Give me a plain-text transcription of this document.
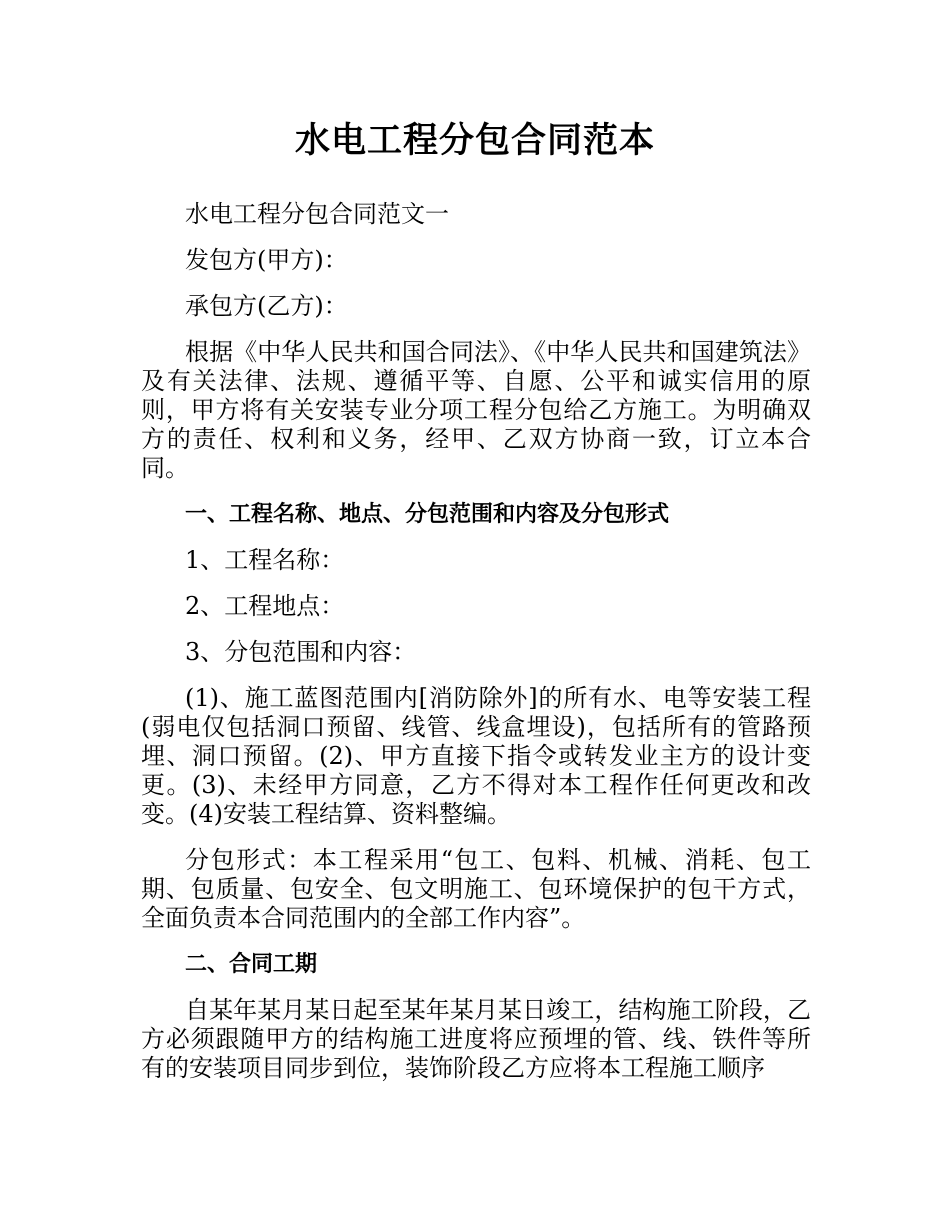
水电工程分包合同范本

水电工程分包合同范文一

发包方(甲方)：

承包方(乙方)：

根据《中华人民共和国合同法》、《中华人民共和国建筑法》及有关法律、法规、遵循平等、自愿、公平和诚实信用的原则，甲方将有关安装专业分项工程分包给乙方施工。为明确双方的责任、权利和义务，经甲、乙双方协商一致，订立本合同。

一、工程名称、地点、分包范围和内容及分包形式

1、工程名称：

2、工程地点：

3、分包范围和内容：

(1)、施工蓝图范围内[消防除外]的所有水、电等安装工程(弱电仅包括洞口预留、线管、线盒埋设)，包括所有的管路预埋、洞口预留。(2)、甲方直接下指令或转发业主方的设计变更。(3)、未经甲方同意，乙方不得对本工程作任何更改和改变。(4)安装工程结算、资料整编。

分包形式：本工程采用“包工、包料、机械、消耗、包工期、包质量、包安全、包文明施工、包环境保护的包干方式，全面负责本合同范围内的全部工作内容”。

二、合同工期

自某年某月某日起至某年某月某日竣工，结构施工阶段，乙方必须跟随甲方的结构施工进度将应预埋的管、线、铁件等所有的安装项目同步到位，装饰阶段乙方应将本工程施工顺序
